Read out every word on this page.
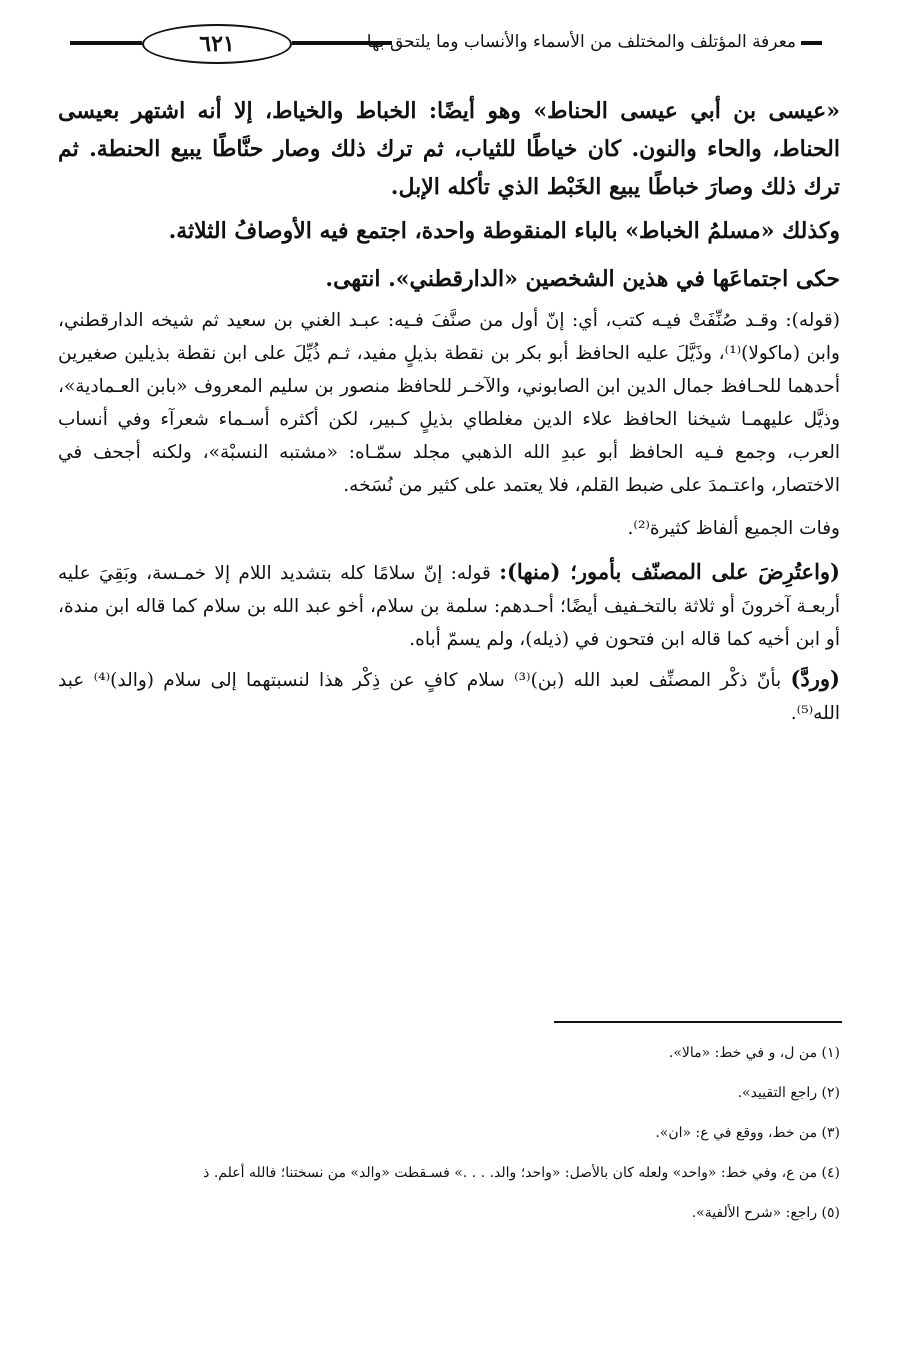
٦٢١	معرفة المؤتلف والمختلف من الأسماء والأنساب وما يلتحق بها

«عيسى بن أبي عيسى الحناط» وهو أيضًا: الخباط والخياط، إلا أنه اشتهر بعيسى الحناط، والحاء والنون. كان خياطًا للثياب، ثم ترك ذلك وصار حنَّاطًا يبيع الحنطة. ثم ترك ذلك وصارَ خباطًا يبيع الخَبْط الذي تأكله الإبل.

وكذلك «مسلمُ الخباط» بالباء المنقوطة واحدة، اجتمع فيه الأوصافُ الثلاثة.

حكى اجتماعَها في هذين الشخصين «الدارقطني». انتهى.

(قوله): وقـد صُنِّفَتْ فيـه كتب، أي: إنّ أول من صنَّفَ فـيه: عبـد الغني بن سعيد ثم شيخه الدارقطني، وابن (ماكولا)⁽¹⁾، وذَيَّلَ عليه الحافظ أبو بكر بن نقطة بذيلٍ مفيد، ثـم ذُيِّلَ على ابن نقطة بذيلين صغيرين أحدهما للحـافظ جمال الدين ابن الصابوني، والآخـر للحافظ منصور بن سليم المعروف «بابن العـمادية»، وذيَّل عليهمـا شيخنا الحافظ علاء الدين مغلطاي بذيلٍ كـبير، لكن أكثره أسـماء شعرآء وفي أنساب العرب، وجمع فـيه الحافظ أبو عبدِ الله الذهبي مجلد سمّـاه: «مشتبه النسبْة»، ولكنه أجحف في الاختصار، واعتـمدَ على ضبط القلم، فلا يعتمد على كثير من نُسَخه.

وفات الجميع ألفاظ كثيرة⁽²⁾.

(واعتُرِضَ على المصنّف بأمور؛ (منها): قوله: إنّ سلامًا كله بتشديد اللام إلا خمـسة، وبَقِيَ عليه أربعـة آخرونَ أو ثلاثة بالتخـفيف أيضًا؛ أحـدهم: سلمة بن سلام، أخو عبد الله بن سلام كما قاله ابن مندة، أو ابن أخيه كما قاله ابن فتحون في (ذيله)، ولم يسمّ أباه.

(وردَّ) بأنّ ذكْر المصنِّف لعبد الله (بن)⁽³⁾ سلام كافٍ عن ذِكْر هذا لنسبتهما إلى سلام (والد)⁽⁴⁾ عبد الله⁽⁵⁾.

(١) من ل، و في خط: «مالا».

(٢) راجع التقييد».

(٣) من خط، ووقع في ع: «ان».

(٤) من ع، وفي خط: «واحد» ولعله كان بالأصل: «واحد؛ والد. . . .» فسـقطت «والد» من نسختنا؛ فالله أعلم. ذ

(٥) راجع: «شرح الألفية».
